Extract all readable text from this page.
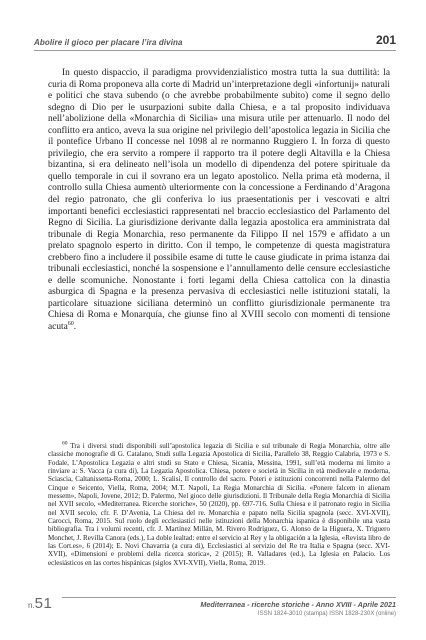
Abolire il gioco per placare l’ira divina	201

In questo dispaccio, il paradigma provvidenzialistico mostra tutta la sua duttilità: la curia di Roma proponeva alla corte di Madrid un’interpretazione degli «infortunij» naturali e politici che stava subendo (o che avrebbe probabilmente subito) come il segno dello sdegno di Dio per le usurpazioni subite dalla Chiesa, e a tal proposito individuava nell’abolizione della «Monarchia di Sicilia» una misura utile per attenuarlo. Il nodo del conflitto era antico, aveva la sua origine nel privilegio dell’apostolica legazia in Sicilia che il pontefice Urbano II concesse nel 1098 al re normanno Ruggiero I. In forza di questo privilegio, che era servito a rompere il rapporto tra il potere degli Altavilla e la Chiesa bizantina, si era delineato nell’isola un modello di dipendenza del potere spirituale da quello temporale in cui il sovrano era un legato apostolico. Nella prima età moderna, il controllo sulla Chiesa aumentò ulteriormente con la concessione a Ferdinando d’Aragona del regio patronato, che gli conferiva lo ius praesentationis per i vescovati e altri importanti benefici ecclesiastici rappresentati nel braccio ecclesiastico del Parlamento del Regno di Sicilia. La giurisdizione derivante dalla legazia apostolica era amministrata dal tribunale di Regia Monarchia, reso permanente da Filippo II nel 1579 e affidato a un prelato spagnolo esperto in diritto. Con il tempo, le competenze di questa magistratura crebbero fino a includere il possibile esame di tutte le cause giudicate in prima istanza dai tribunali ecclesiastici, nonché la sospensione e l’annullamento delle censure ecclesiastiche e delle scomuniche. Nonostante i forti legami della Chiesa cattolica con la dinastia asburgica di Spagna e la presenza pervasiva di ecclesiastici nelle istituzioni statali, la particolare situazione siciliana determinò un conflitto giurisdizionale permanente tra Chiesa di Roma e Monarquía, che giunse fino al XVIII secolo con momenti di tensione acuta$^{60}$.

$^{60}$ Tra i diversi studi disponibili sull’apostolica legazia di Sicilia e sul tribunale di Regia Monarchia, oltre alle classiche monografie di G. Catalano, Studi sulla Legazia Apostolica di Sicilia, Parallelo 38, Reggio Calabria, 1973 e S. Fodale, L’Apostolica Legazia e altri studi su Stato e Chiesa, Sicania, Messina, 1991, sull’età moderna mi limito a rinviare a: S. Vacca (a cura di), La Legazia Apostolica. Chiesa, potere e società in Sicilia in età medievale e moderna, Sciascia, Caltanissetta-Roma, 2000; L. Scalisi, Il controllo del sacro. Poteri e istituzioni concorrenti nella Palermo del Cinque e Seicento, Viella, Roma, 2004; M.T. Napoli, La Regia Monarchia di Sicilia. «Ponere falcem in alienam messem», Napoli, Jovene, 2012; D. Palermo, Nel gioco delle giurisdizioni. Il Tribunale della Regia Monarchia di Sicilia nel XVII secolo, «Mediterranea. Ricerche storiche», 50 (2020), pp. 697-716. Sulla Chiesa e il patronato regio in Sicilia nel XVII secolo, cfr. F. D’Avenia, La Chiesa del re. Monarchia e papato nella Sicilia spagnola (secc. XVI-XVII), Carocci, Roma, 2015. Sul ruolo degli ecclesiastici nelle istituzioni della Monarchia ispanica è disponibile una vasta bibliografia. Tra i volumi recenti, cfr. J. Martínez Millán, M. Rivero Rodríguez, G. Alonso de la Higuera, X. Triguero Monchet, J. Revilla Canora (eds.), La doble lealtad: entre el servicio al Rey y la obligación a la Iglesia, «Revista libro de las Cort.es», 6 (2014); E. Novi Chavarria (a cura di), Ecclesiastici al servizio del Re tra Italia e Spagna (secc. XVI-XVII), «Dimensioni e problemi della ricerca storica», 2 (2015); R. Valladares (ed.), La Iglesia en Palacio. Los eclesiásticos en las cortes hispánicas (siglos XVI-XVII), Viella, Roma, 2019.

n.51	Mediterranea - ricerche storiche - Anno XVIII - Aprile 2021
ISSN 1824-3010 (stampa) ISSN 1828-230X (online)
